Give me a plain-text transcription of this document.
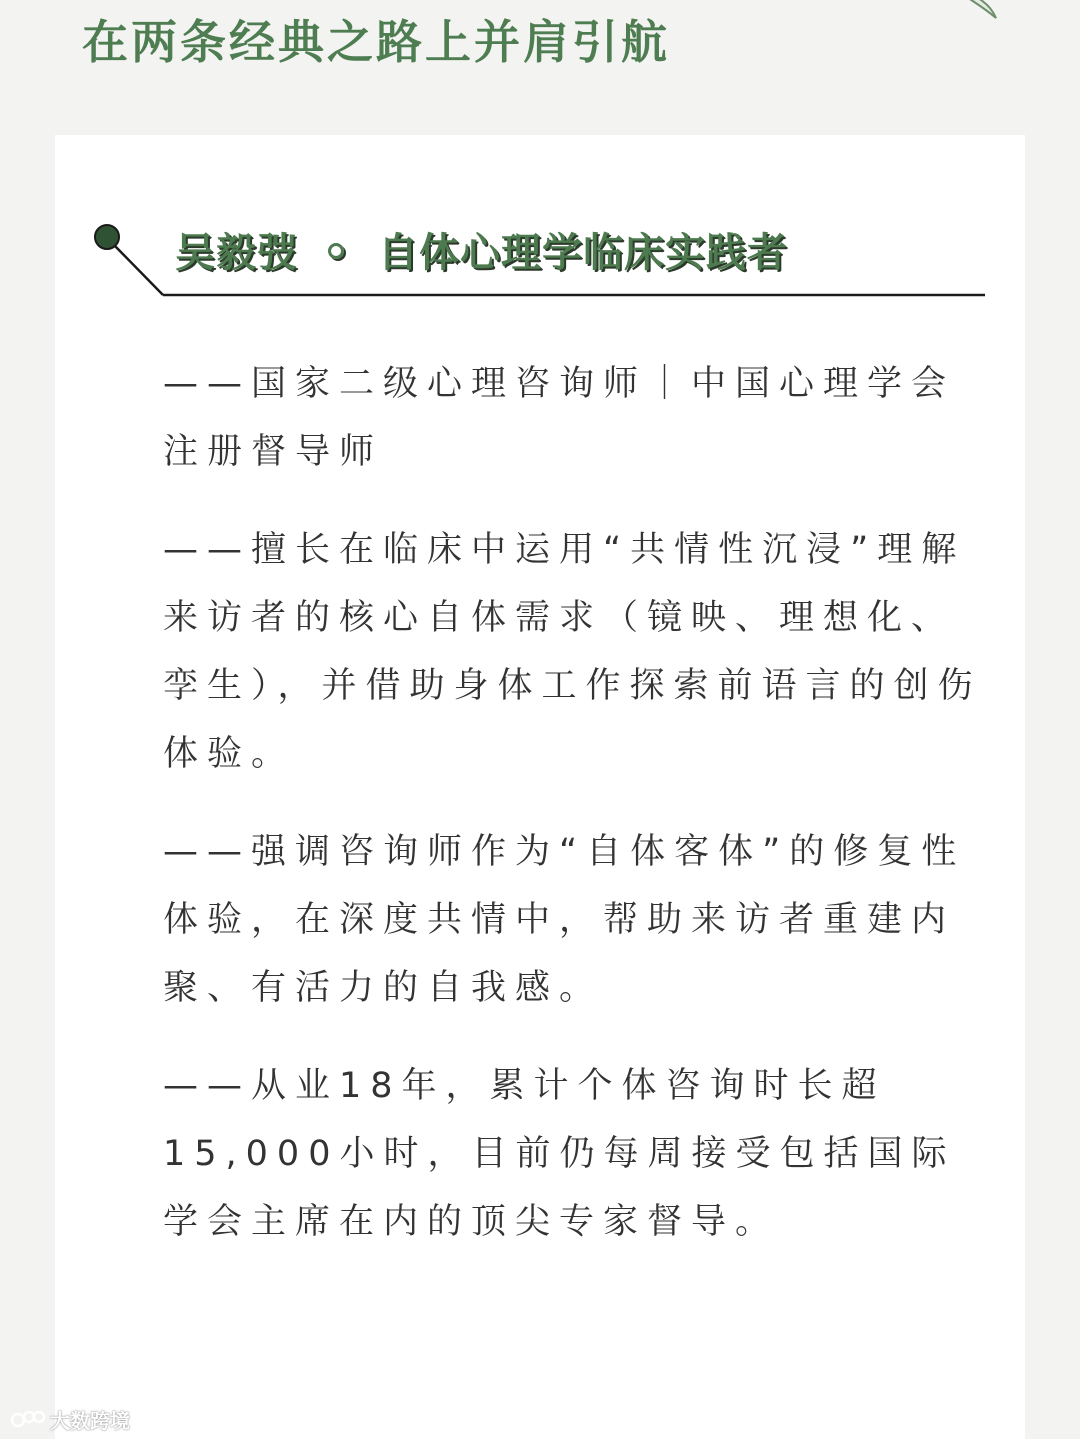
在两条经典之路上并肩引航
吴毅弢 自体心理学临床实践者

——国家二级心理咨询师｜中国心理学会注册督导师

——擅长在临床中运用“共情性沉浸”理解来访者的核心自体需求（镜映、理想化、孪生），并借助身体工作探索前语言的创伤体验。

——强调咨询师作为“自体客体”的修复性体验，在深度共情中，帮助来访者重建内聚、有活力的自我感。

——从业18年，累计个体咨询时长超15,000小时，目前仍每周接受包括国际学会主席在内的顶尖专家督导。

大数跨境
